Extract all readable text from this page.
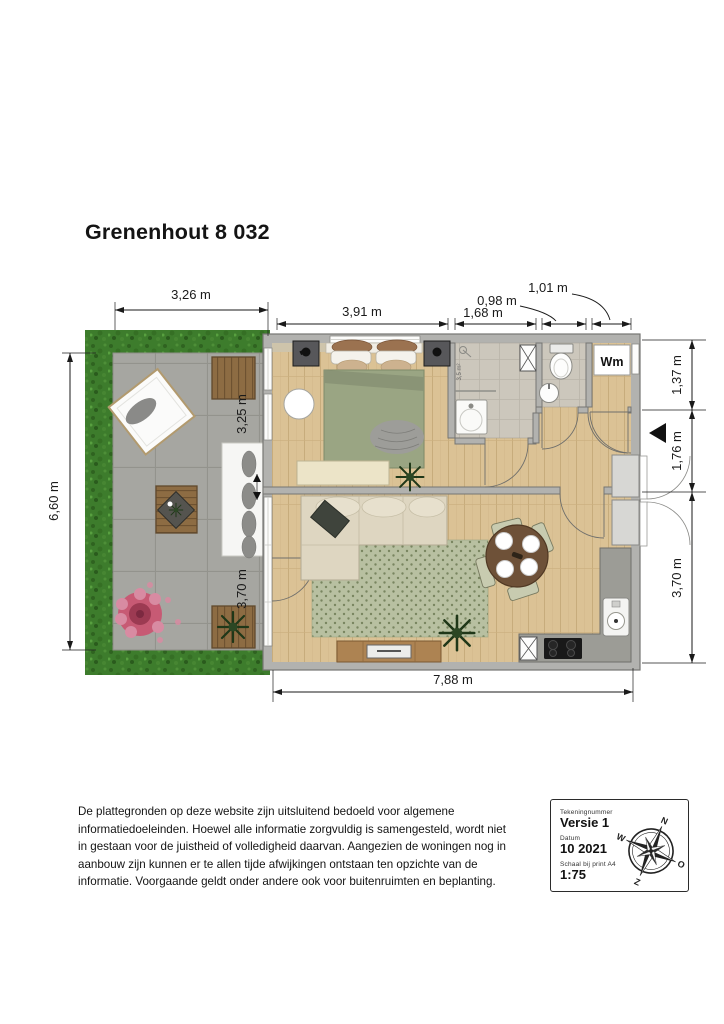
Grenenhout 8 032
3,5 m²
Wm
3,26 m
3,91 m	1,68 m
0,98 m
1,01 m
1,37 m
1,76 m
3,70 m
6,60 m
3,25 m
3,70 m
7,88 m
De plattegronden op deze website zijn uitsluitend bedoeld voor algemene informatiedoeleinden. Hoewel alle informatie zorgvuldig is samengesteld, wordt niet in gestaan voor de juistheid of volledigheid daarvan. Aangezien de woningen nog in aanbouw zijn kunnen er te allen tijde afwijkingen ontstaan ten opzichte van de informatie. Voorgaande geldt onder andere ook voor buitenruimten en beplanting.
Tekeningnummer
Versie 1
Datum
10 2021
Schaal bij print A4
1:75
N
O
Z
W
